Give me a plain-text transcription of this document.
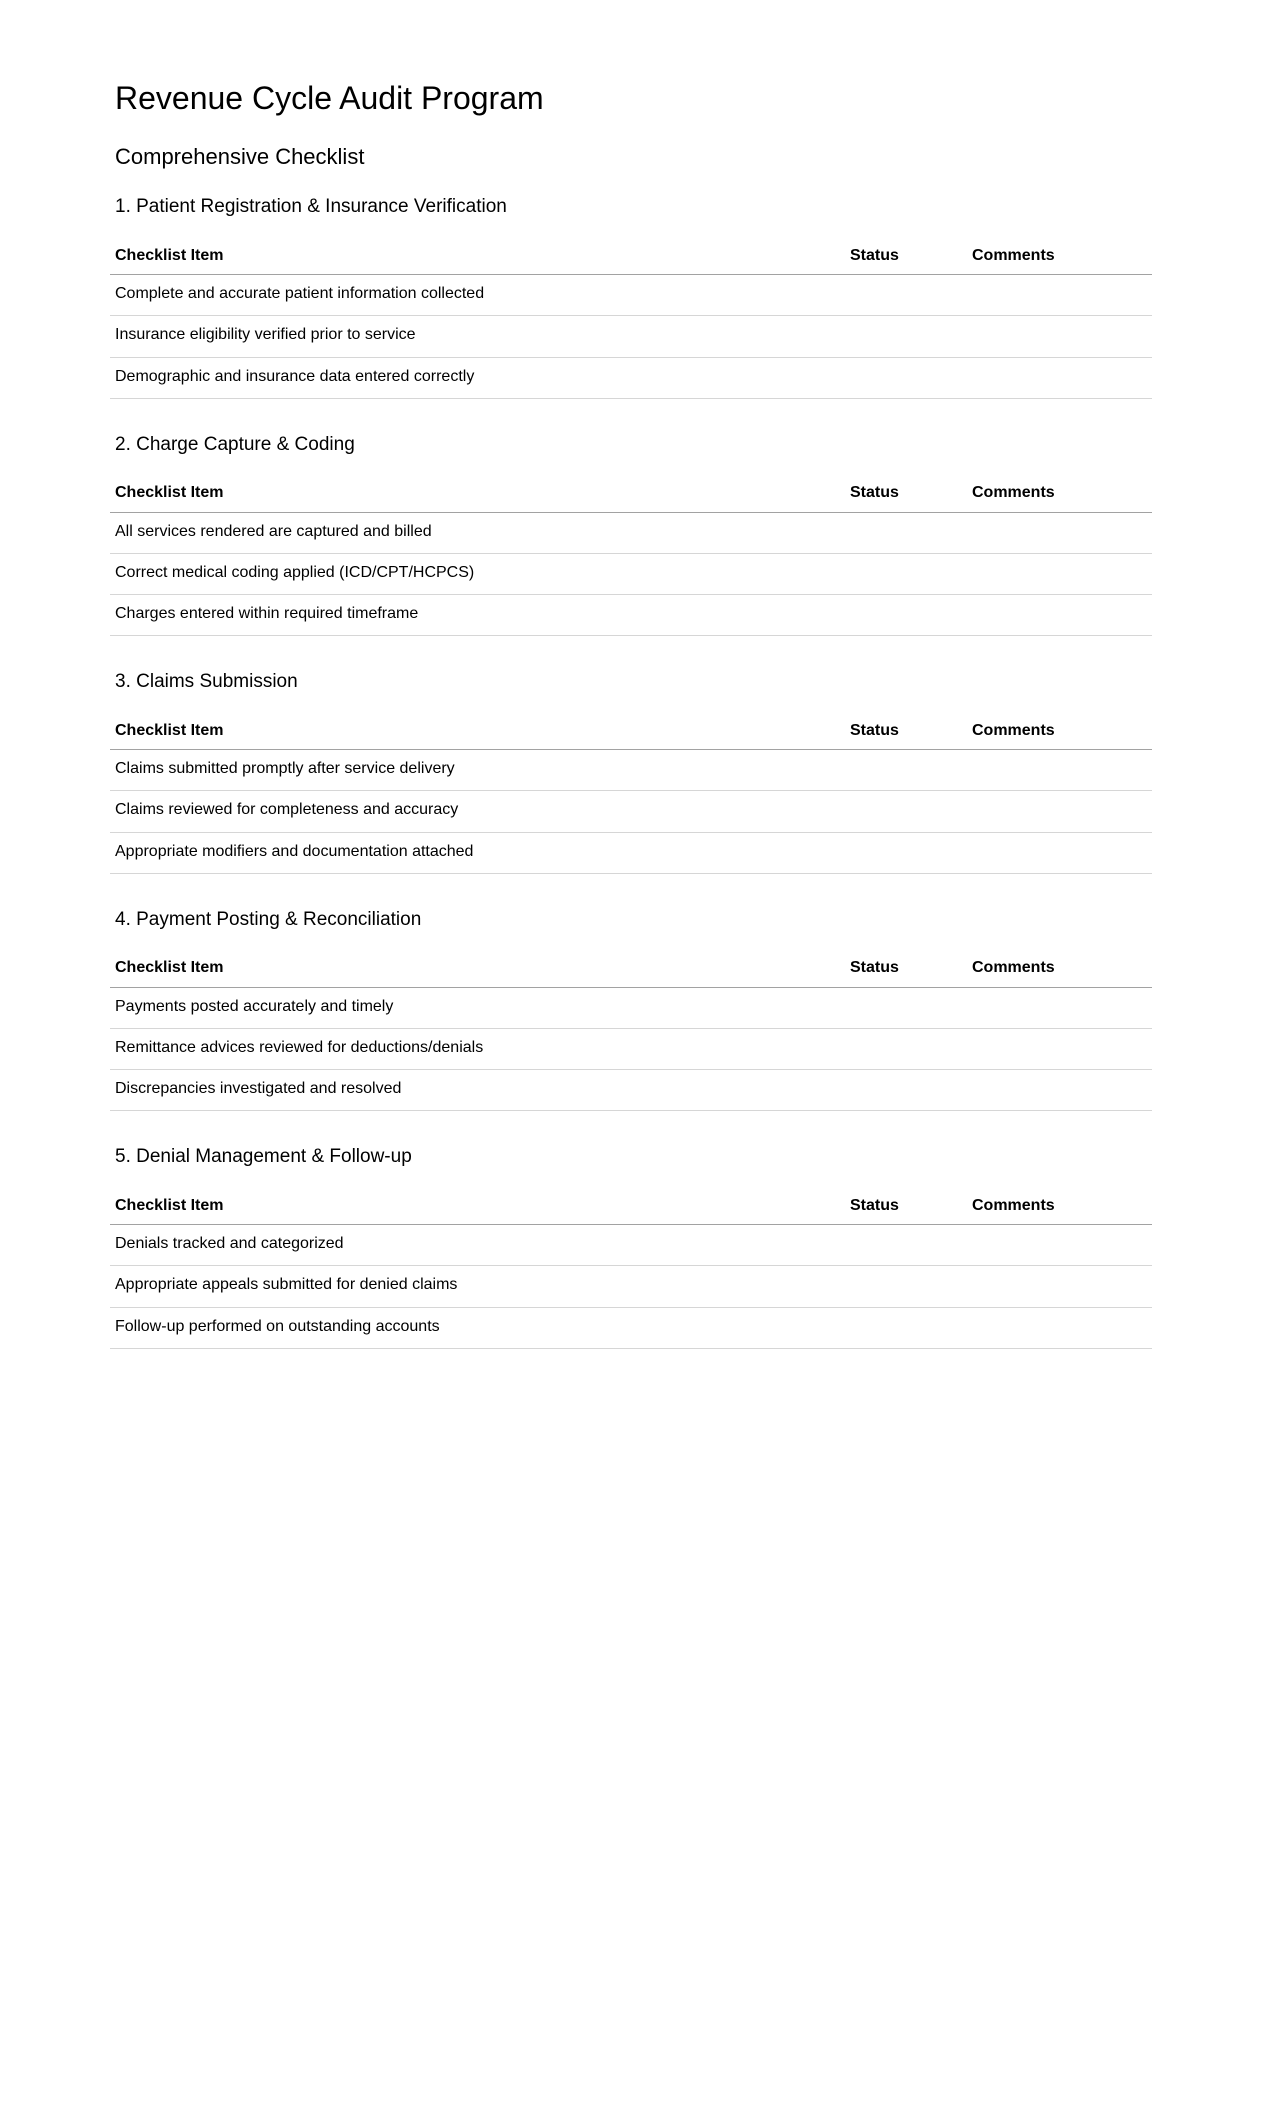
Revenue Cycle Audit Program
Comprehensive Checklist
1. Patient Registration & Insurance Verification
Checklist Item	Status	Comments
Complete and accurate patient information collected		
Insurance eligibility verified prior to service		
Demographic and insurance data entered correctly		
2. Charge Capture & Coding
Checklist Item	Status	Comments
All services rendered are captured and billed		
Correct medical coding applied (ICD/CPT/HCPCS)		
Charges entered within required timeframe		
3. Claims Submission
Checklist Item	Status	Comments
Claims submitted promptly after service delivery		
Claims reviewed for completeness and accuracy		
Appropriate modifiers and documentation attached		
4. Payment Posting & Reconciliation
Checklist Item	Status	Comments
Payments posted accurately and timely		
Remittance advices reviewed for deductions/denials		
Discrepancies investigated and resolved		
5. Denial Management & Follow-up
Checklist Item	Status	Comments
Denials tracked and categorized		
Appropriate appeals submitted for denied claims		
Follow-up performed on outstanding accounts		
